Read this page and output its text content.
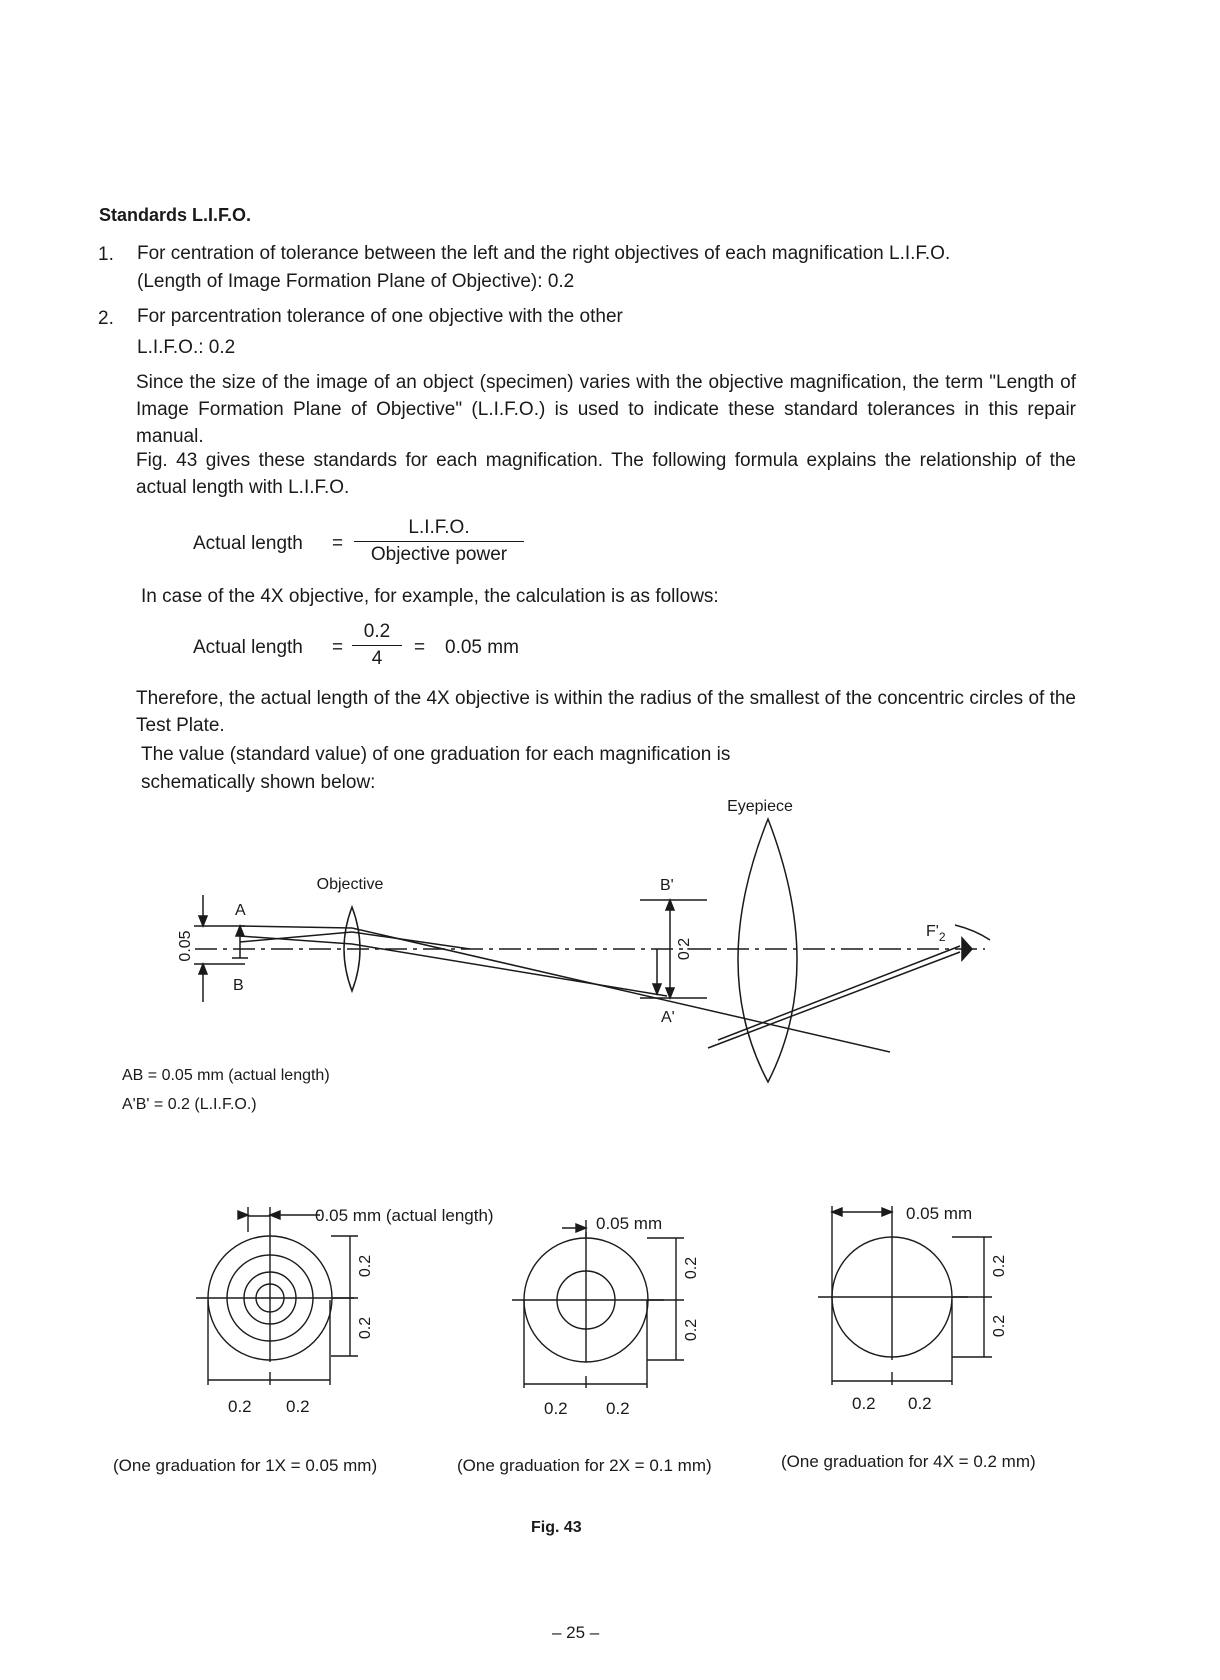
Standards L.I.F.O.
1. For centration of tolerance between the left and the right objectives of each magnification L.I.F.O.
(Length of Image Formation Plane of Objective): 0.2
2. For parcentration tolerance of one objective with the other
L.I.F.O.: 0.2
Since the size of the image of an object (specimen) varies with the objective magnification, the term "Length of Image Formation Plane of Objective" (L.I.F.O.) is used to indicate these standard tolerances in this repair manual.
Fig. 43 gives these standards for each magnification. The following formula explains the relationship of the actual length with L.I.F.O.
Actual length =
L.I.F.O.
Objective power
In case of the 4X objective, for example, the calculation is as follows:
Actual length = $\frac{0.2}{4} = 0.05$ mm
Therefore, the actual length of the 4X objective is within the radius of the smallest of the concentric circles of the Test Plate.
The value (standard value) of one graduation for each magnification is
schematically shown below:
Eyepiece
Objective
A
B
B'
A'
$F'_2$
0.05	0.2
AB = 0.05 mm (actual length)
A'B' = 0.2 (L.I.F.O.)
0.05 mm (actual length)
0.2
0.2
0.2 0.2
0.05 mm
0.2
0.2
0.2 0.2
0.05 mm
0.2
0.2
0.2 0.2
(One graduation for 1X = 0.05 mm)	(One graduation for 2X = 0.1 mm)	(One graduation for 4X = 0.2 mm)
Fig. 43
– 25 –
